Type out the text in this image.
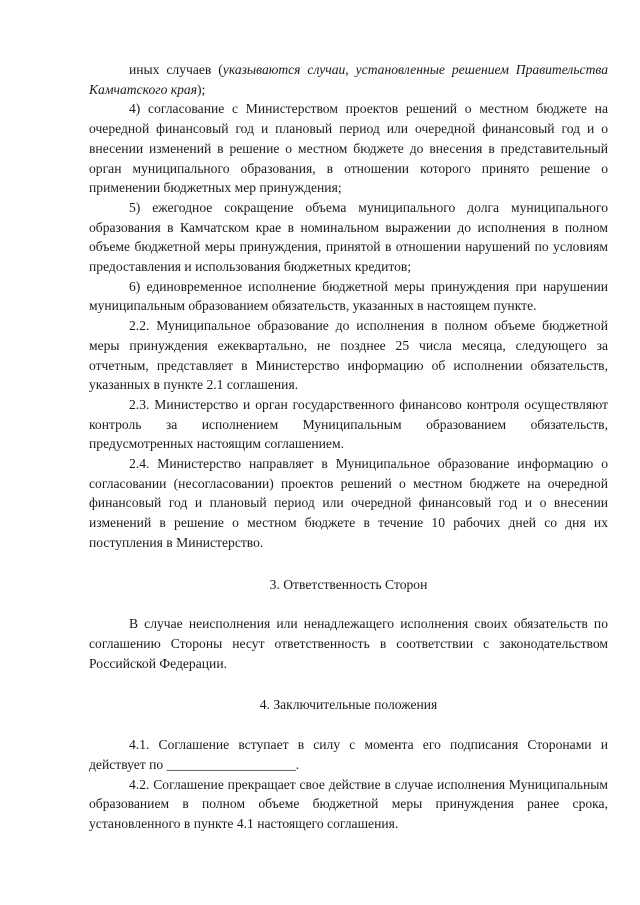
иных случаев (указываются случаи, установленные решением Правительства Камчатского края);

4) согласование с Министерством проектов решений о местном бюджете на очередной финансовый год и плановый период или очередной финансовый год и о внесении изменений в решение о местном бюджете до внесения в представительный орган муниципального образования, в отношении которого принято решение о применении бюджетных мер принуждения;

5) ежегодное сокращение объема муниципального долга муниципального образования в Камчатском крае в номинальном выражении до исполнения в полном объеме бюджетной меры принуждения, принятой в отношении нарушений по условиям предоставления и использования бюджетных кредитов;

6) единовременное исполнение бюджетной меры принуждения при нарушении муниципальным образованием обязательств, указанных в настоящем пункте.

2.2. Муниципальное образование до исполнения в полном объеме бюджетной меры принуждения ежеквартально, не позднее 25 числа месяца, следующего за отчетным, представляет в Министерство информацию об исполнении обязательств, указанных в пункте 2.1 соглашения.

2.3. Министерство и орган государственного финансово контроля осуществляют контроль за исполнением Муниципальным образованием обязательств, предусмотренных настоящим соглашением.

2.4. Министерство направляет в Муниципальное образование информацию о согласовании (несогласовании) проектов решений о местном бюджете на очередной финансовый год и плановый период или очередной финансовый год и о внесении изменений в решение о местном бюджете в течение 10 рабочих дней со дня их поступления в Министерство.

3. Ответственность Сторон

В случае неисполнения или ненадлежащего исполнения своих обязательств по соглашению Стороны несут ответственность в соответствии с законодательством Российской Федерации.

4. Заключительные положения

4.1. Соглашение вступает в силу с момента его подписания Сторонами и действует по ___________________.

4.2. Соглашение прекращает свое действие в случае исполнения Муниципальным образованием в полном объеме бюджетной меры принуждения ранее срока, установленного в пункте 4.1 настоящего соглашения.
